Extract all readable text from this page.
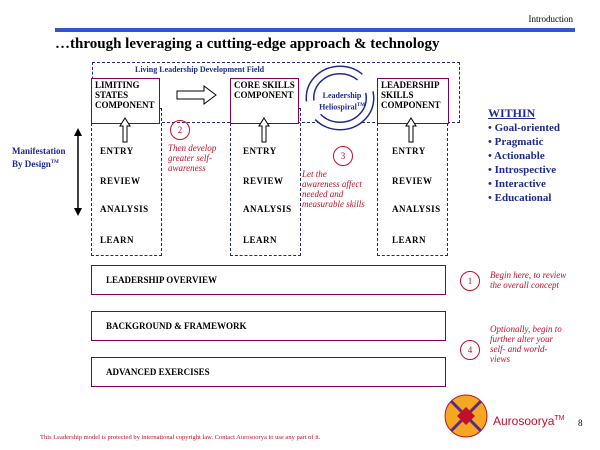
Introduction
…through leveraging a cutting-edge approach & technology
Living Leadership Development Field
LIMITING
STATES
COMPONENT
CORE SKILLS
COMPONENT
LEADERSHIP
SKILLS
COMPONENT
Leadership
Heliospiral™
ENTRY
REVIEW
ANALYSIS
LEARN
ENTRY
REVIEW
ANALYSIS
LEARN
ENTRY
REVIEW
ANALYSIS
LEARN
Manifestation
By Design™
2
Then develop
greater self-
awareness
3
Let the
awareness affect
needed and
measurable skills
WITHIN
• Goal-oriented
• Pragmatic
• Actionable
• Introspective
• Interactive
• Educational
LEADERSHIP OVERVIEW
BACKGROUND & FRAMEWORK
ADVANCED EXERCISES
1
Begin here, to review
the overall concept
4
Optionally, begin to
further alter your
self- and world-
views
Aurosoorya™ 8
This Leadership model is protected by international copyright law. Contact Aurosoorya to use any part of it.
